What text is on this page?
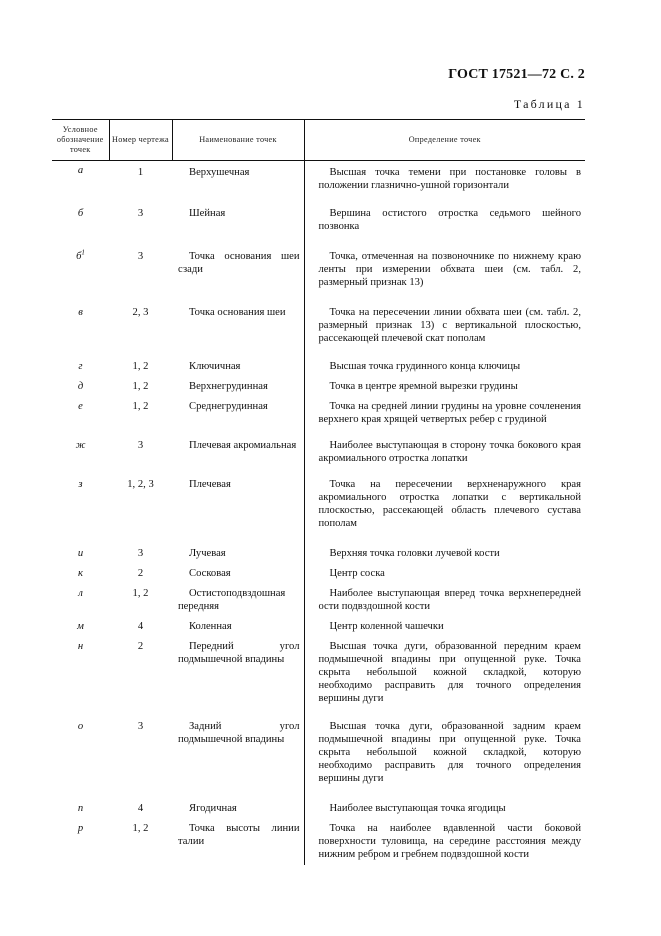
ГОСТ 17521—72 С. 2
Таблица 1
Условное обозначение точек	Номер чертежа	Наименование точек	Определение точек
а	1	Верхушечная	Высшая точка темени при постановке головы в положении глазнично-ушной горизонтали
б	3	Шейная	Вершина остистого отростка седьмого шейного позвонка
$б^1$	3	Точка основания шеи сзади	Точка, отмеченная на позвоночнике по нижнему краю ленты при измерении обхвата шеи (см. табл. 2, размерный признак 13)
в	2, 3	Точка основания шеи	Точка на пересечении линии обхвата шеи (см. табл. 2, размерный признак 13) с вертикальной плоскостью, рассекающей плечевой скат пополам
г	1, 2	Ключичная	Высшая точка грудинного конца ключицы
д	1, 2	Верхнегрудинная	Точка в центре яремной вырезки грудины
е	1, 2	Среднегрудинная	Точка на средней линии грудины на уровне сочленения верхнего края хрящей четвертых ребер с грудиной
ж	3	Плечевая акромиальная	Наиболее выступающая в сторону точка бокового края акромиального отростка лопатки
з	1, 2, 3	Плечевая	Точка на пересечении верхненаружного края акромиального отростка лопатки с вертикальной плоскостью, рассекающей область плечевого сустава пополам
и	3	Лучевая	Верхняя точка головки лучевой кости
к	2	Сосковая	Центр соска
л	1, 2	Остистоподвздошная передняя	Наиболее выступающая вперед точка верхнепередней ости подвздошной кости
м	4	Коленная	Центр коленной чашечки
н	2	Передний угол подмышечной впадины	Высшая точка дуги, образованной передним краем подмышечной впадины при опущенной руке. Точка скрыта небольшой кожной складкой, которую необходимо расправить для точного определения вершины дуги
о	3	Задний угол подмышечной впадины	Высшая точка дуги, образованной задним краем подмышечной впадины при опущенной руке. Точка скрыта небольшой кожной складкой, которую необходимо расправить для точного определения вершины дуги
п	4	Ягодичная	Наиболее выступающая точка ягодицы
р	1, 2	Точка высоты линии талии	Точка на наиболее вдавленной части боковой поверхности туловища, на середине расстояния между нижним ребром и гребнем подвздошной кости
